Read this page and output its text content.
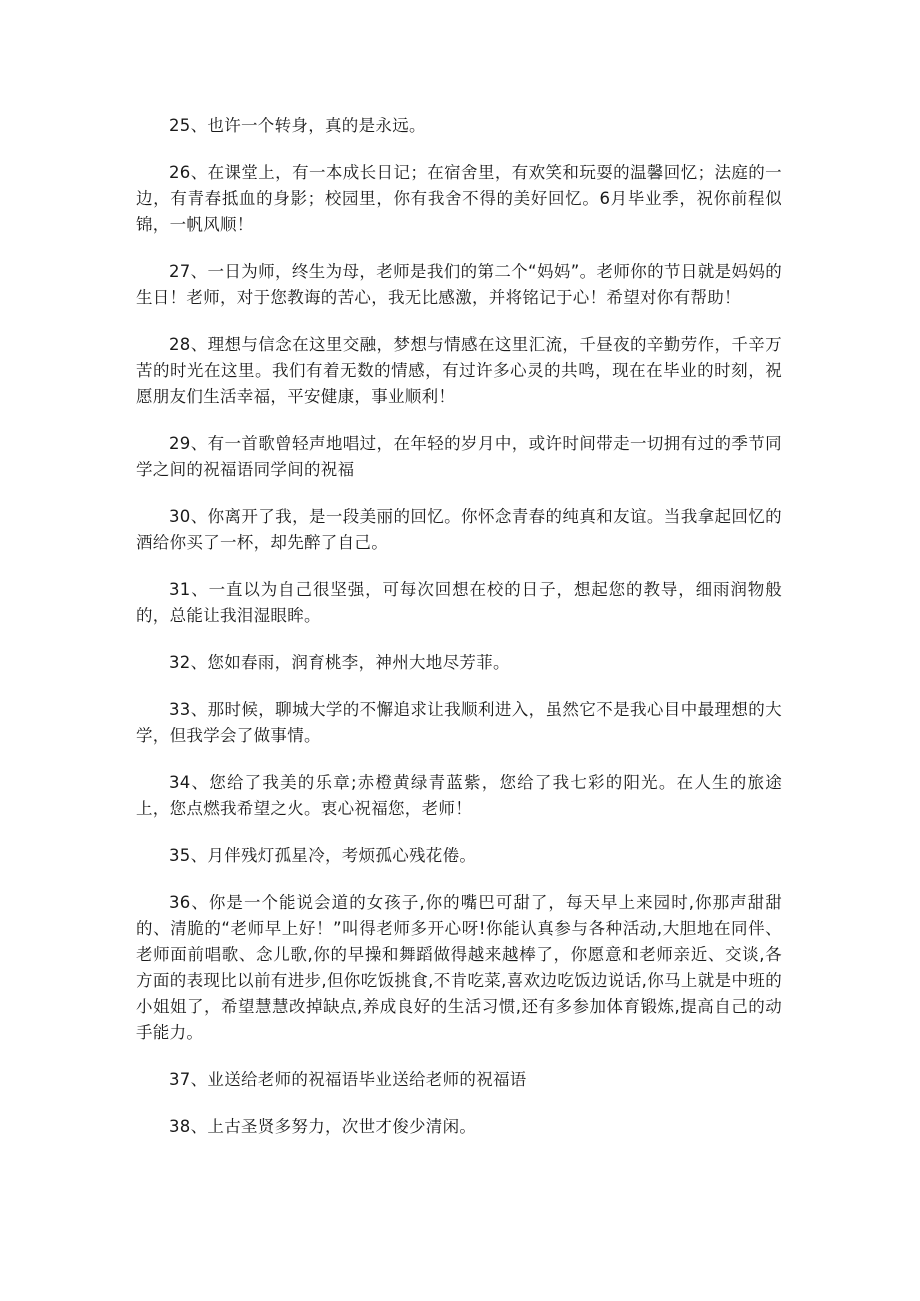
25、也许一个转身，真的是永远。

26、在课堂上，有一本成长日记；在宿舍里，有欢笑和玩耍的温馨回忆；法庭的一边，有青春抵血的身影；校园里，你有我舍不得的美好回忆。6月毕业季，祝你前程似锦，一帆风顺！

27、一日为师，终生为母，老师是我们的第二个“妈妈”。老师你的节日就是妈妈的生日！老师，对于您教诲的苦心，我无比感激，并将铭记于心！希望对你有帮助！

28、理想与信念在这里交融，梦想与情感在这里汇流，千昼夜的辛勤劳作，千辛万苦的时光在这里。我们有着无数的情感，有过许多心灵的共鸣，现在在毕业的时刻，祝愿朋友们生活幸福，平安健康，事业顺利！

29、有一首歌曾轻声地唱过，在年轻的岁月中，或许时间带走一切拥有过的季节同学之间的祝福语同学间的祝福

30、你离开了我，是一段美丽的回忆。你怀念青春的纯真和友谊。当我拿起回忆的酒给你买了一杯，却先醉了自己。

31、一直以为自己很坚强，可每次回想在校的日子，想起您的教导，细雨润物般的，总能让我泪湿眼眸。

32、您如春雨，润育桃李，神州大地尽芳菲。

33、那时候，聊城大学的不懈追求让我顺利进入，虽然它不是我心目中最理想的大学，但我学会了做事情。

34、您给了我美的乐章;赤橙黄绿青蓝紫，您给了我七彩的阳光。在人生的旅途上，您点燃我希望之火。衷心祝福您，老师！

35、月伴残灯孤星冷，考烦孤心残花倦。

36、你是一个能说会道的女孩子,你的嘴巴可甜了，每天早上来园时,你那声甜甜的、清脆的“老师早上好！”叫得老师多开心呀!你能认真参与各种活动,大胆地在同伴、老师面前唱歌、念儿歌,你的早操和舞蹈做得越来越棒了，你愿意和老师亲近、交谈,各方面的表现比以前有进步,但你吃饭挑食,不肯吃菜,喜欢边吃饭边说话,你马上就是中班的小姐姐了，希望慧慧改掉缺点,养成良好的生活习惯,还有多参加体育锻炼,提高自己的动手能力。

37、业送给老师的祝福语毕业送给老师的祝福语

38、上古圣贤多努力，次世才俊少清闲。
